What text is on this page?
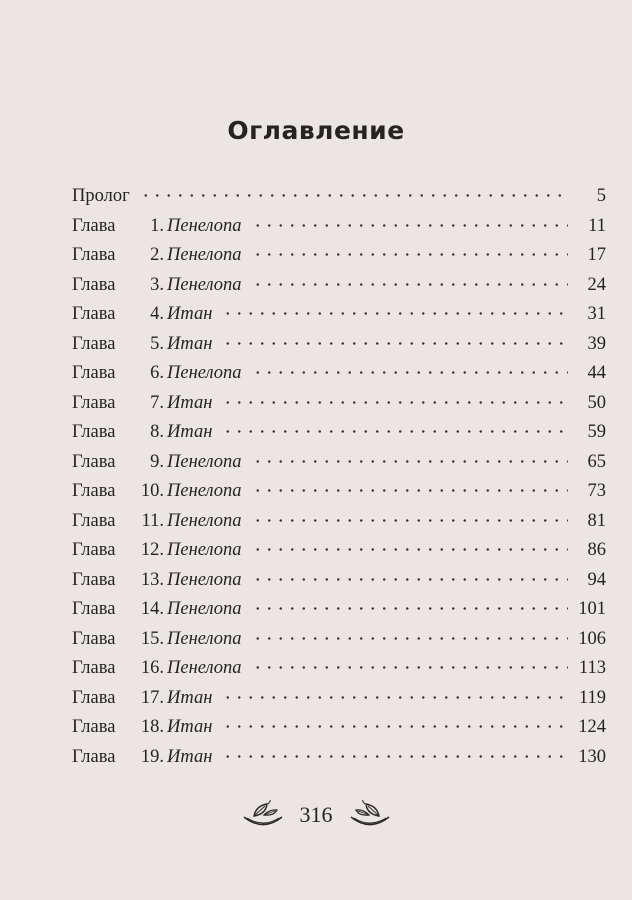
Оглавление
Пролог	5
Глава	1. Пенелопа	11
Глава	2. Пенелопа	17
Глава	3. Пенелопа	24
Глава	4. Итан	31
Глава	5. Итан	39
Глава	6. Пенелопа	44
Глава	7. Итан	50
Глава	8. Итан	59
Глава	9. Пенелопа	65
Глава	10. Пенелопа	73
Глава	11. Пенелопа	81
Глава	12. Пенелопа	86
Глава	13. Пенелопа	94
Глава	14. Пенелопа	101
Глава	15. Пенелопа	106
Глава	16. Пенелопа	113
Глава	17. Итан	119
Глава	18. Итан	124
Глава	19. Итан	130
316
